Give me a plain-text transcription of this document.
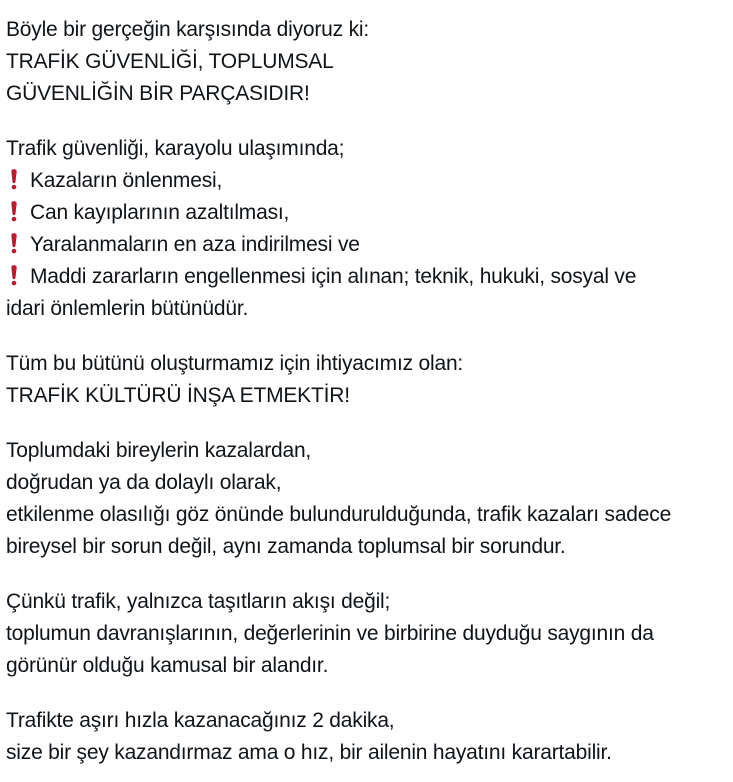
Böyle bir gerçeğin karşısında diyoruz ki:
TRAFİK GÜVENLİĞİ, TOPLUMSAL
GÜVENLİĞİN BİR PARÇASIDIR!
Trafik güvenliği, karayolu ulaşımında;
Kazaların önlenmesi,
Can kayıplarının azaltılması,
Yaralanmaların en aza indirilmesi ve
Maddi zararların engellenmesi için alınan; teknik, hukuki, sosyal ve
idari önlemlerin bütünüdür.
Tüm bu bütünü oluşturmamız için ihtiyacımız olan:
TRAFİK KÜLTÜRÜ İNŞA ETMEKTİR!
Toplumdaki bireylerin kazalardan,
doğrudan ya da dolaylı olarak,
etkilenme olasılığı göz önünde bulundurulduğunda, trafik kazaları sadece
bireysel bir sorun değil, aynı zamanda toplumsal bir sorundur.
Çünkü trafik, yalnızca taşıtların akışı değil;
toplumun davranışlarının, değerlerinin ve birbirine duyduğu saygının da
görünür olduğu kamusal bir alandır.
Trafikte aşırı hızla kazanacağınız 2 dakika,
size bir şey kazandırmaz ama o hız, bir ailenin hayatını karartabilir.
